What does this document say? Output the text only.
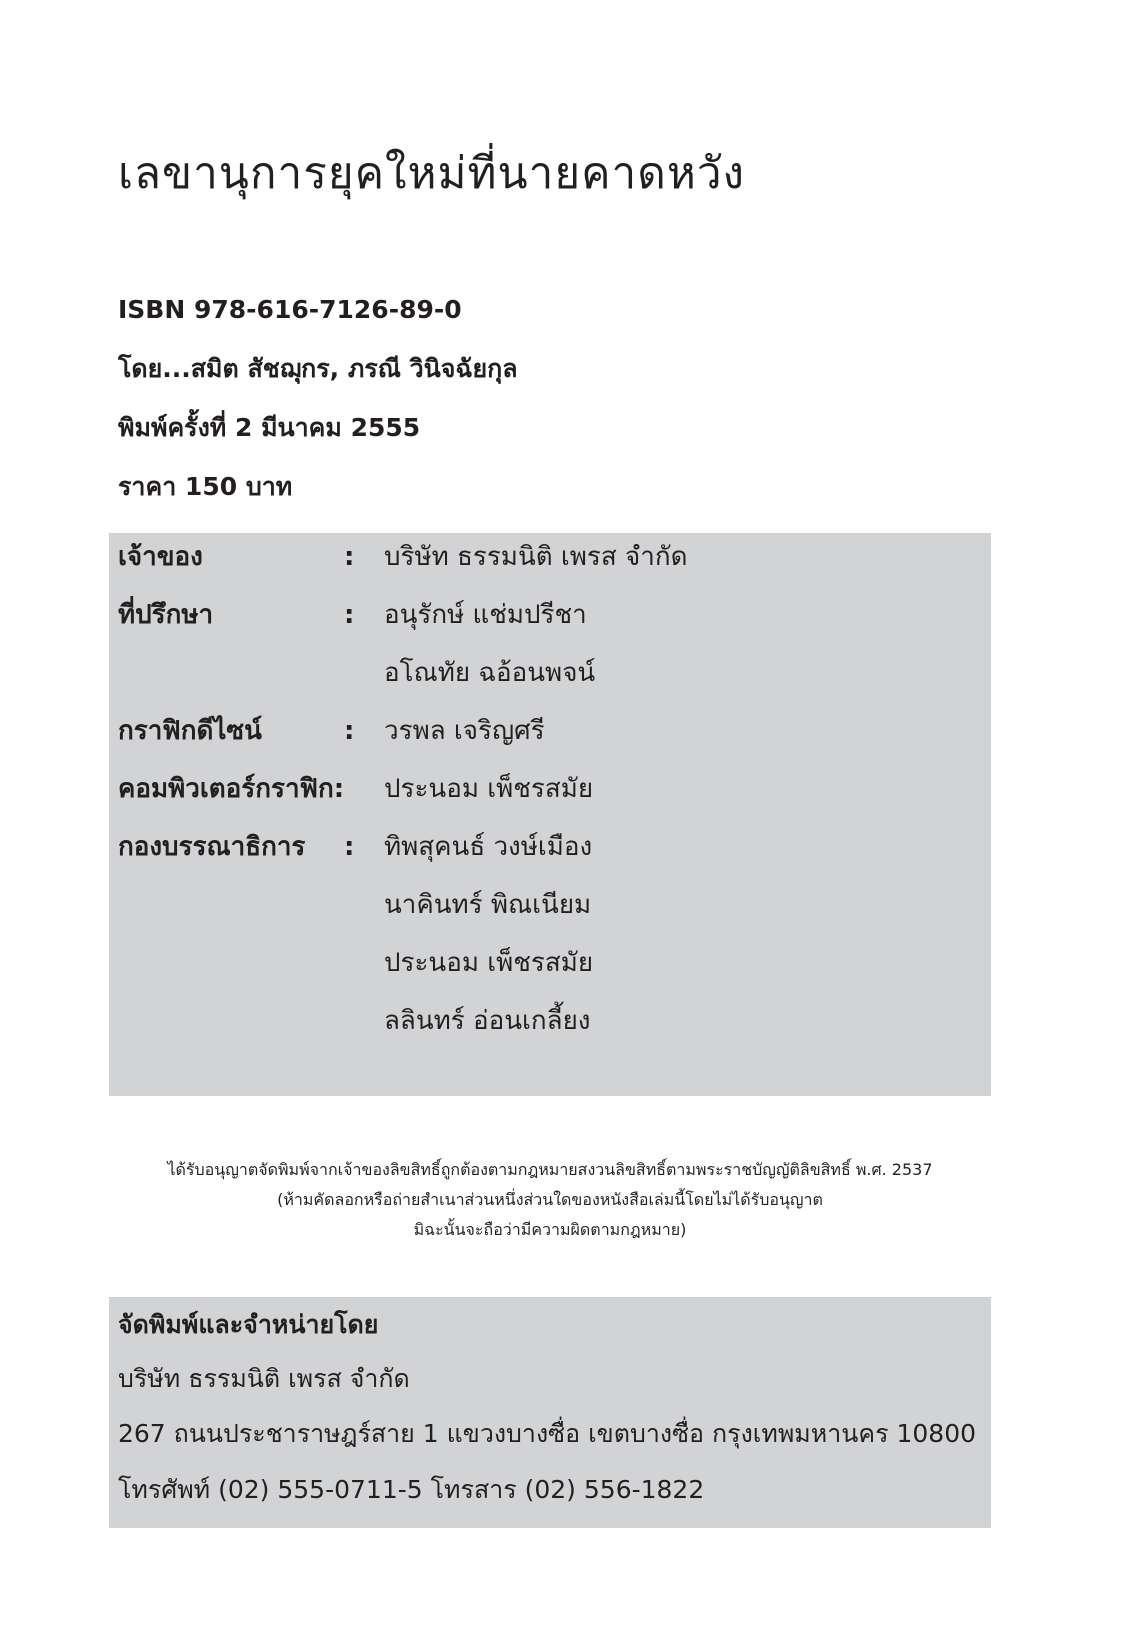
เลขานุการยุคใหม่ที่นายคาดหวัง
ISBN 978-616-7126-89-0
โดย...สมิต สัชฌุกร, ภรณี วินิจฉัยกุล
พิมพ์ครั้งที่ 2 มีนาคม 2555
ราคา 150 บาท
เจ้าของ	: บริษัท ธรรมนิติ เพรส จำกัด
ที่ปรึกษา	: อนุรักษ์ แช่มปรีชา
อโณทัย ฉอ้อนพจน์
กราฟิกดีไซน์	: วรพล เจริญศรี
คอมพิวเตอร์กราฟิก: ประนอม เพ็ชรสมัย
กองบรรณาธิการ : ทิพสุคนธ์ วงษ์เมือง
นาคินทร์ พิณเนียม
ประนอม เพ็ชรสมัย
ลลินทร์ อ่อนเกลี้ยง
ได้รับอนุญาตจัดพิมพ์จากเจ้าของลิขสิทธิ์ถูกต้องตามกฎหมายสงวนลิขสิทธิ์ตามพระราชบัญญัติลิขสิทธิ์ พ.ศ. 2537
(ห้ามคัดลอกหรือถ่ายสำเนาส่วนหนึ่งส่วนใดของหนังสือเล่มนี้โดยไม่ได้รับอนุญาต
มิฉะนั้นจะถือว่ามีความผิดตามกฎหมาย)
จัดพิมพ์และจำหน่ายโดย
บริษัท ธรรมนิติ เพรส จำกัด
267 ถนนประชาราษฎร์สาย 1 แขวงบางซื่อ เขตบางซื่อ กรุงเทพมหานคร 10800
โทรศัพท์ (02) 555-0711-5 โทรสาร (02) 556-1822
